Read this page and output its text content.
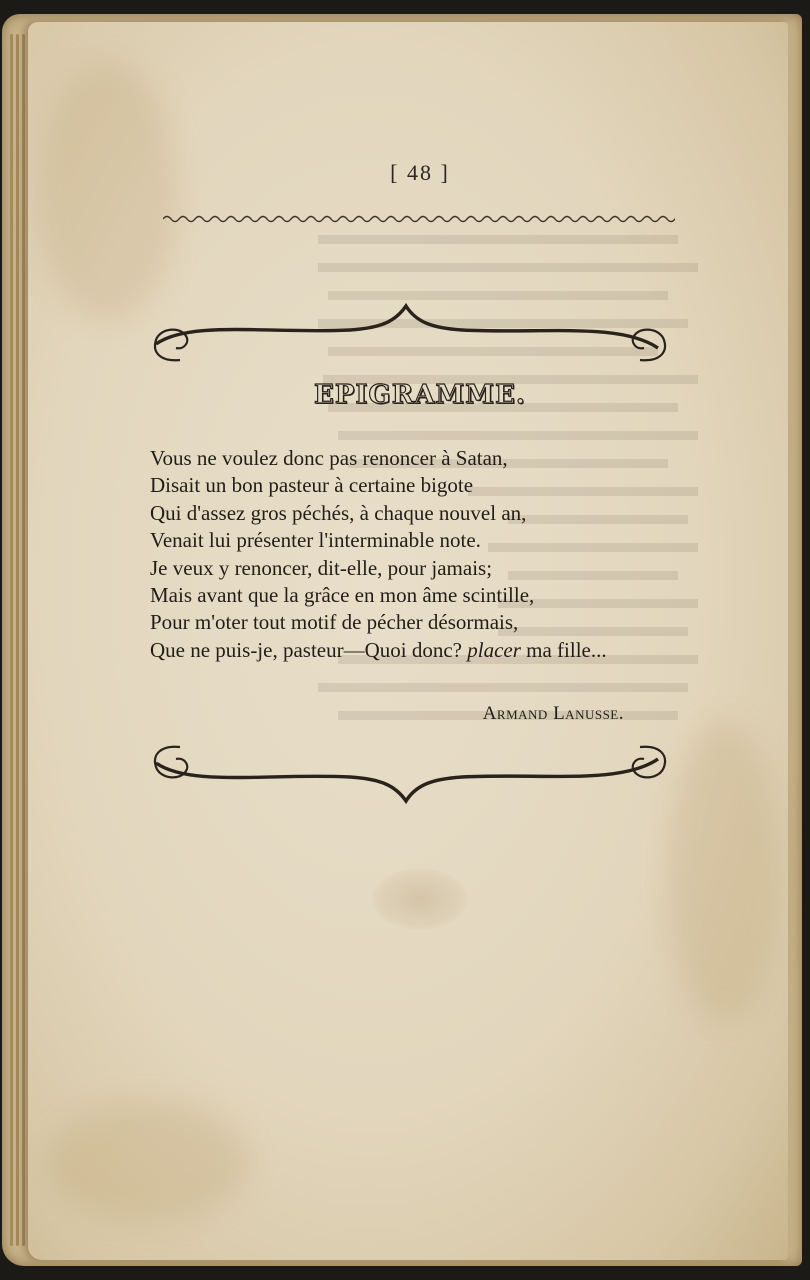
[ 48 ]
EPIGRAMME.
Vous ne voulez donc pas renoncer à Satan,
Disait un bon pasteur à certaine bigote
Qui d'assez gros péchés, à chaque nouvel an,
Venait lui présenter l'interminable note.
Je veux y renoncer, dit-elle, pour jamais;
Mais avant que la grâce en mon âme scintille,
Pour m'oter tout motif de pécher désormais,
Que ne puis-je, pasteur—Quoi donc? placer ma fille...
Armand Lanusse.
